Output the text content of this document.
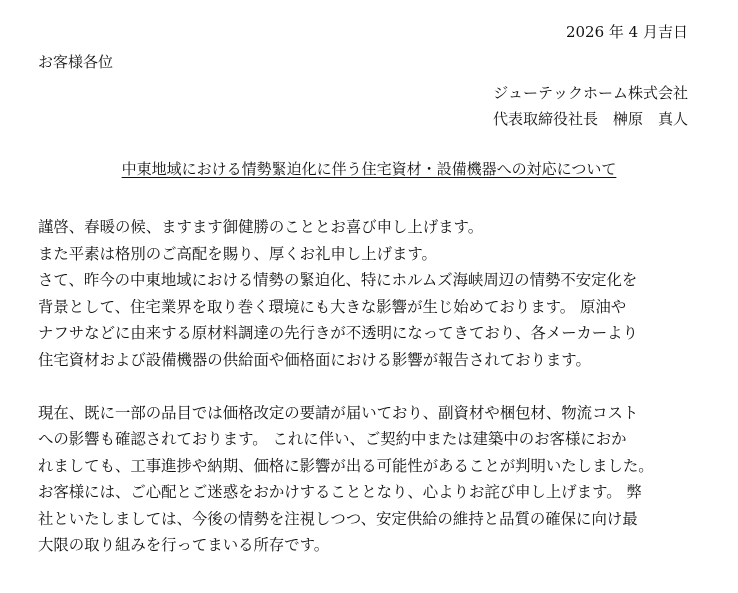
2026 年 4 月吉日
お客様各位
ジューテックホーム株式会社
代表取締役社長　榊原　真人
中東地域における情勢緊迫化に伴う住宅資材・設備機器への対応について
謹啓、春暖の候、ますます御健勝のこととお喜び申し上げます。
また平素は格別のご高配を賜り、厚くお礼申し上げます。
さて、昨今の中東地域における情勢の緊迫化、特にホルムズ海峡周辺の情勢不安定化を
背景として、住宅業界を取り巻く環境にも大きな影響が生じ始めております。 原油や
ナフサなどに由来する原材料調達の先行きが不透明になってきており、各メーカーより
住宅資材および設備機器の供給面や価格面における影響が報告されております。
現在、既に一部の品目では価格改定の要請が届いており、副資材や梱包材、物流コスト
への影響も確認されております。 これに伴い、ご契約中または建築中のお客様におか
れましても、工事進捗や納期、価格に影響が出る可能性があることが判明いたしました。
お客様には、ご心配とご迷惑をおかけすることとなり、心よりお詫び申し上げます。 弊
社といたしましては、今後の情勢を注視しつつ、安定供給の維持と品質の確保に向け最
大限の取り組みを行ってまいる所存です。
